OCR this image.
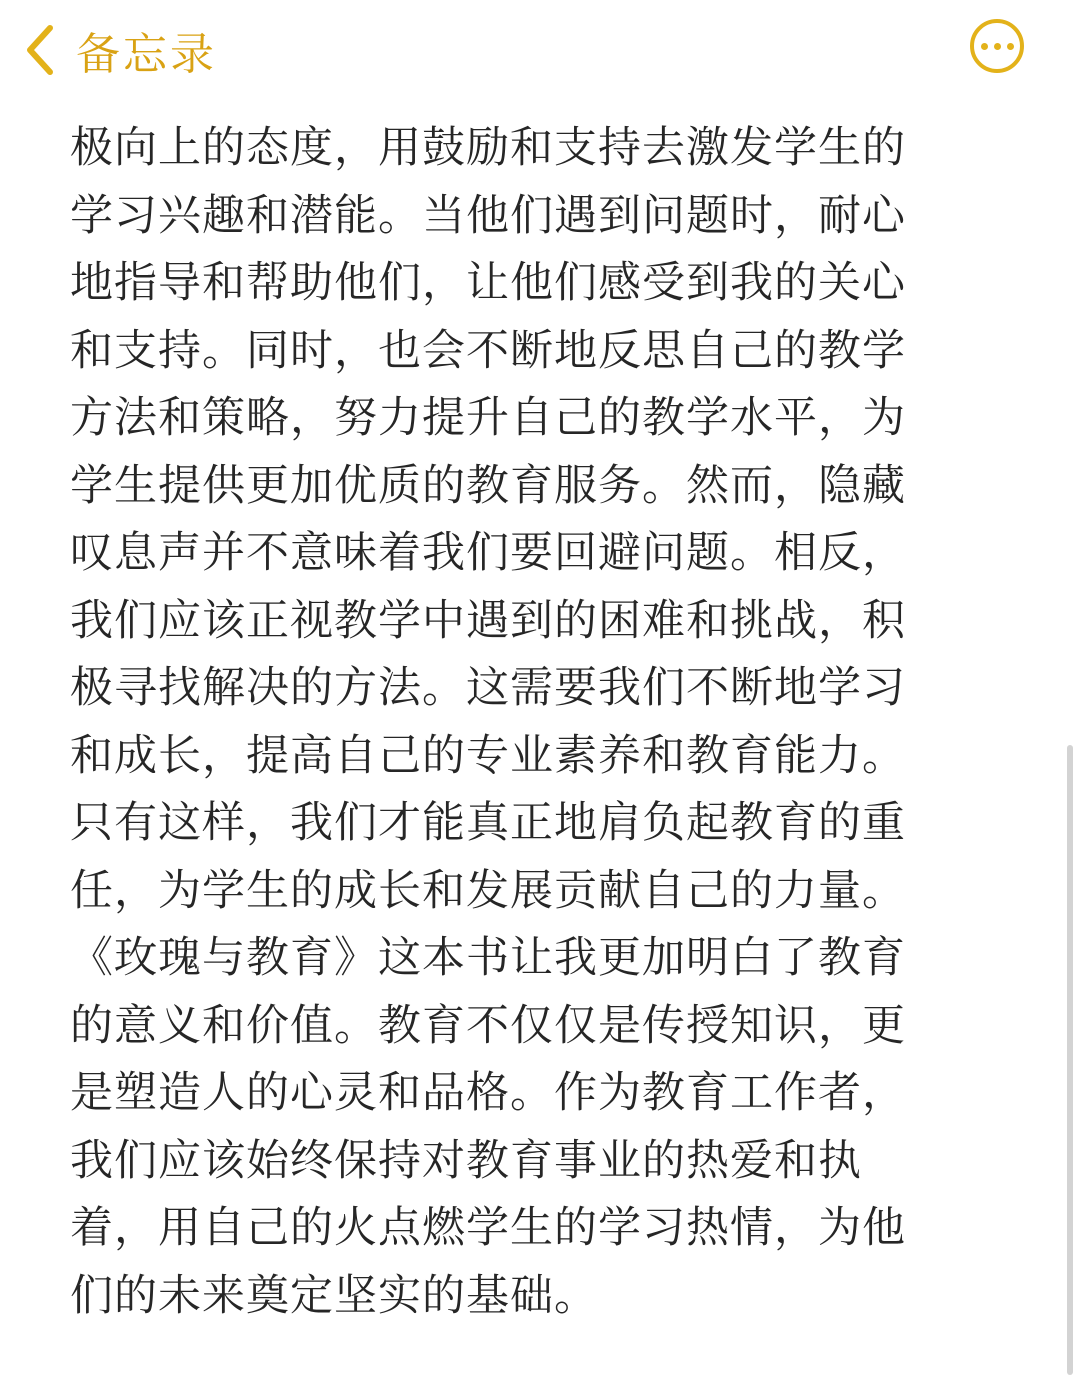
备忘录
极向上的态度，用鼓励和支持去激发学生的
学习兴趣和潜能。当他们遇到问题时，耐心
地指导和帮助他们，让他们感受到我的关心
和支持。同时，也会不断地反思自己的教学
方法和策略，努力提升自己的教学水平，为
学生提供更加优质的教育服务。然而，隐藏
叹息声并不意味着我们要回避问题。相反，
我们应该正视教学中遇到的困难和挑战，积
极寻找解决的方法。这需要我们不断地学习
和成长，提高自己的专业素养和教育能力。
只有这样，我们才能真正地肩负起教育的重
任，为学生的成长和发展贡献自己的力量。
《玫瑰与教育》这本书让我更加明白了教育
的意义和价值。教育不仅仅是传授知识，更
是塑造人的心灵和品格。作为教育工作者，
我们应该始终保持对教育事业的热爱和执
着，用自己的火点燃学生的学习热情，为他
们的未来奠定坚实的基础。
